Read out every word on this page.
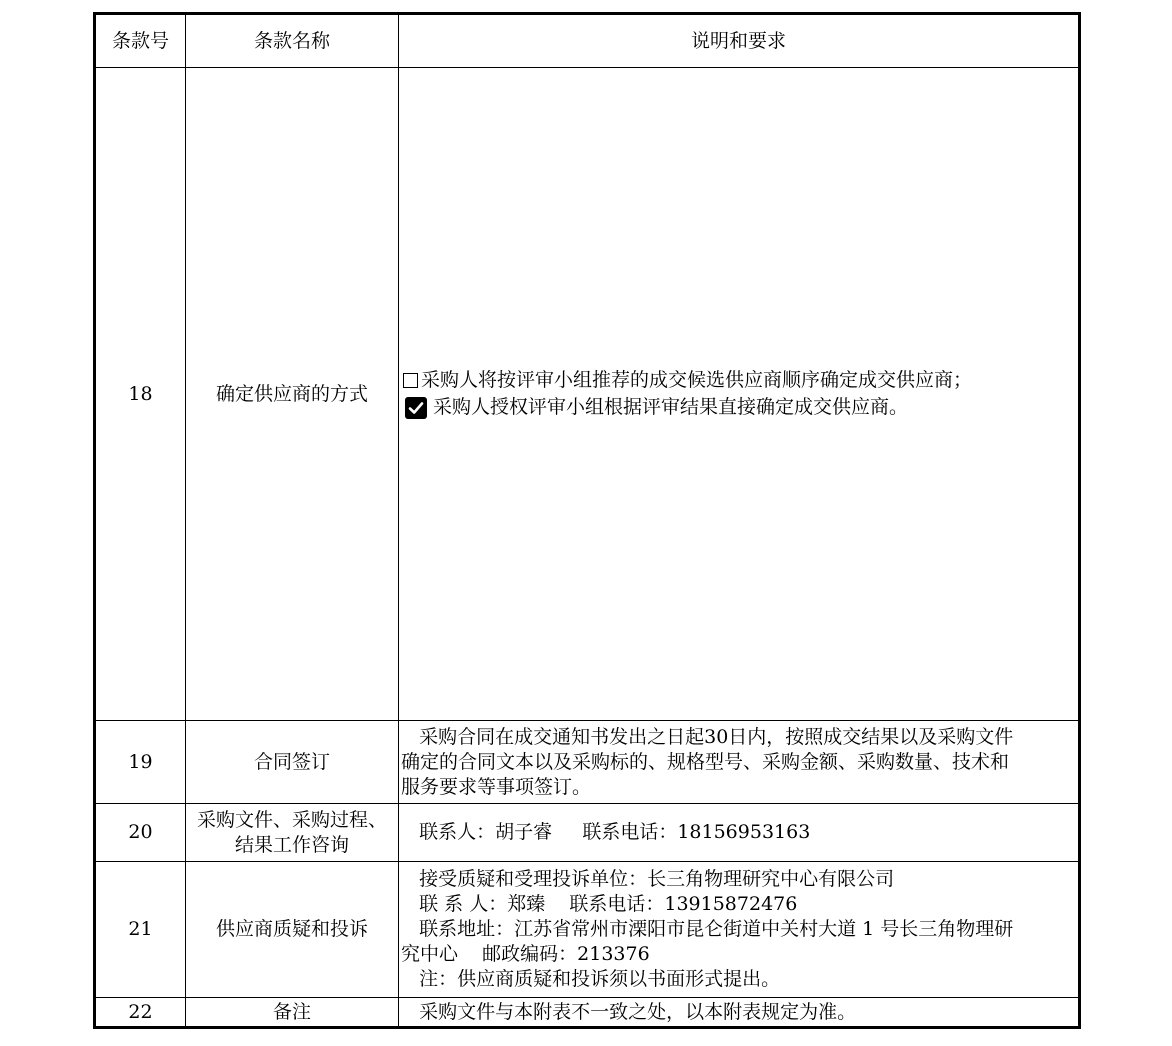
条款号	条款名称	说明和要求
18	确定供应商的方式	采购人将按评审小组推荐的成交候选供应商顺序确定成交供应商；
采购人授权评审小组根据评审结果直接确定成交供应商。

19	合同签订	采购合同在成交通知书发出之日起30日内，按照成交结果以及采购文件
确定的合同文本以及采购标的、规格型号、采购金额、采购数量、技术和
服务要求等事项签订。

20	采购文件、采购过程、
结果工作咨询	联系人：胡子睿     联系电话：18156953163

21	供应商质疑和投诉	接受质疑和受理投诉单位：长三角物理研究中心有限公司
联 系 人：郑臻    联系电话：13915872476
联系地址：江苏省常州市溧阳市昆仑街道中关村大道 1 号长三角物理研
究中心    邮政编码：213376
注：供应商质疑和投诉须以书面形式提出。

22	备注	采购文件与本附表不一致之处，以本附表规定为准。
